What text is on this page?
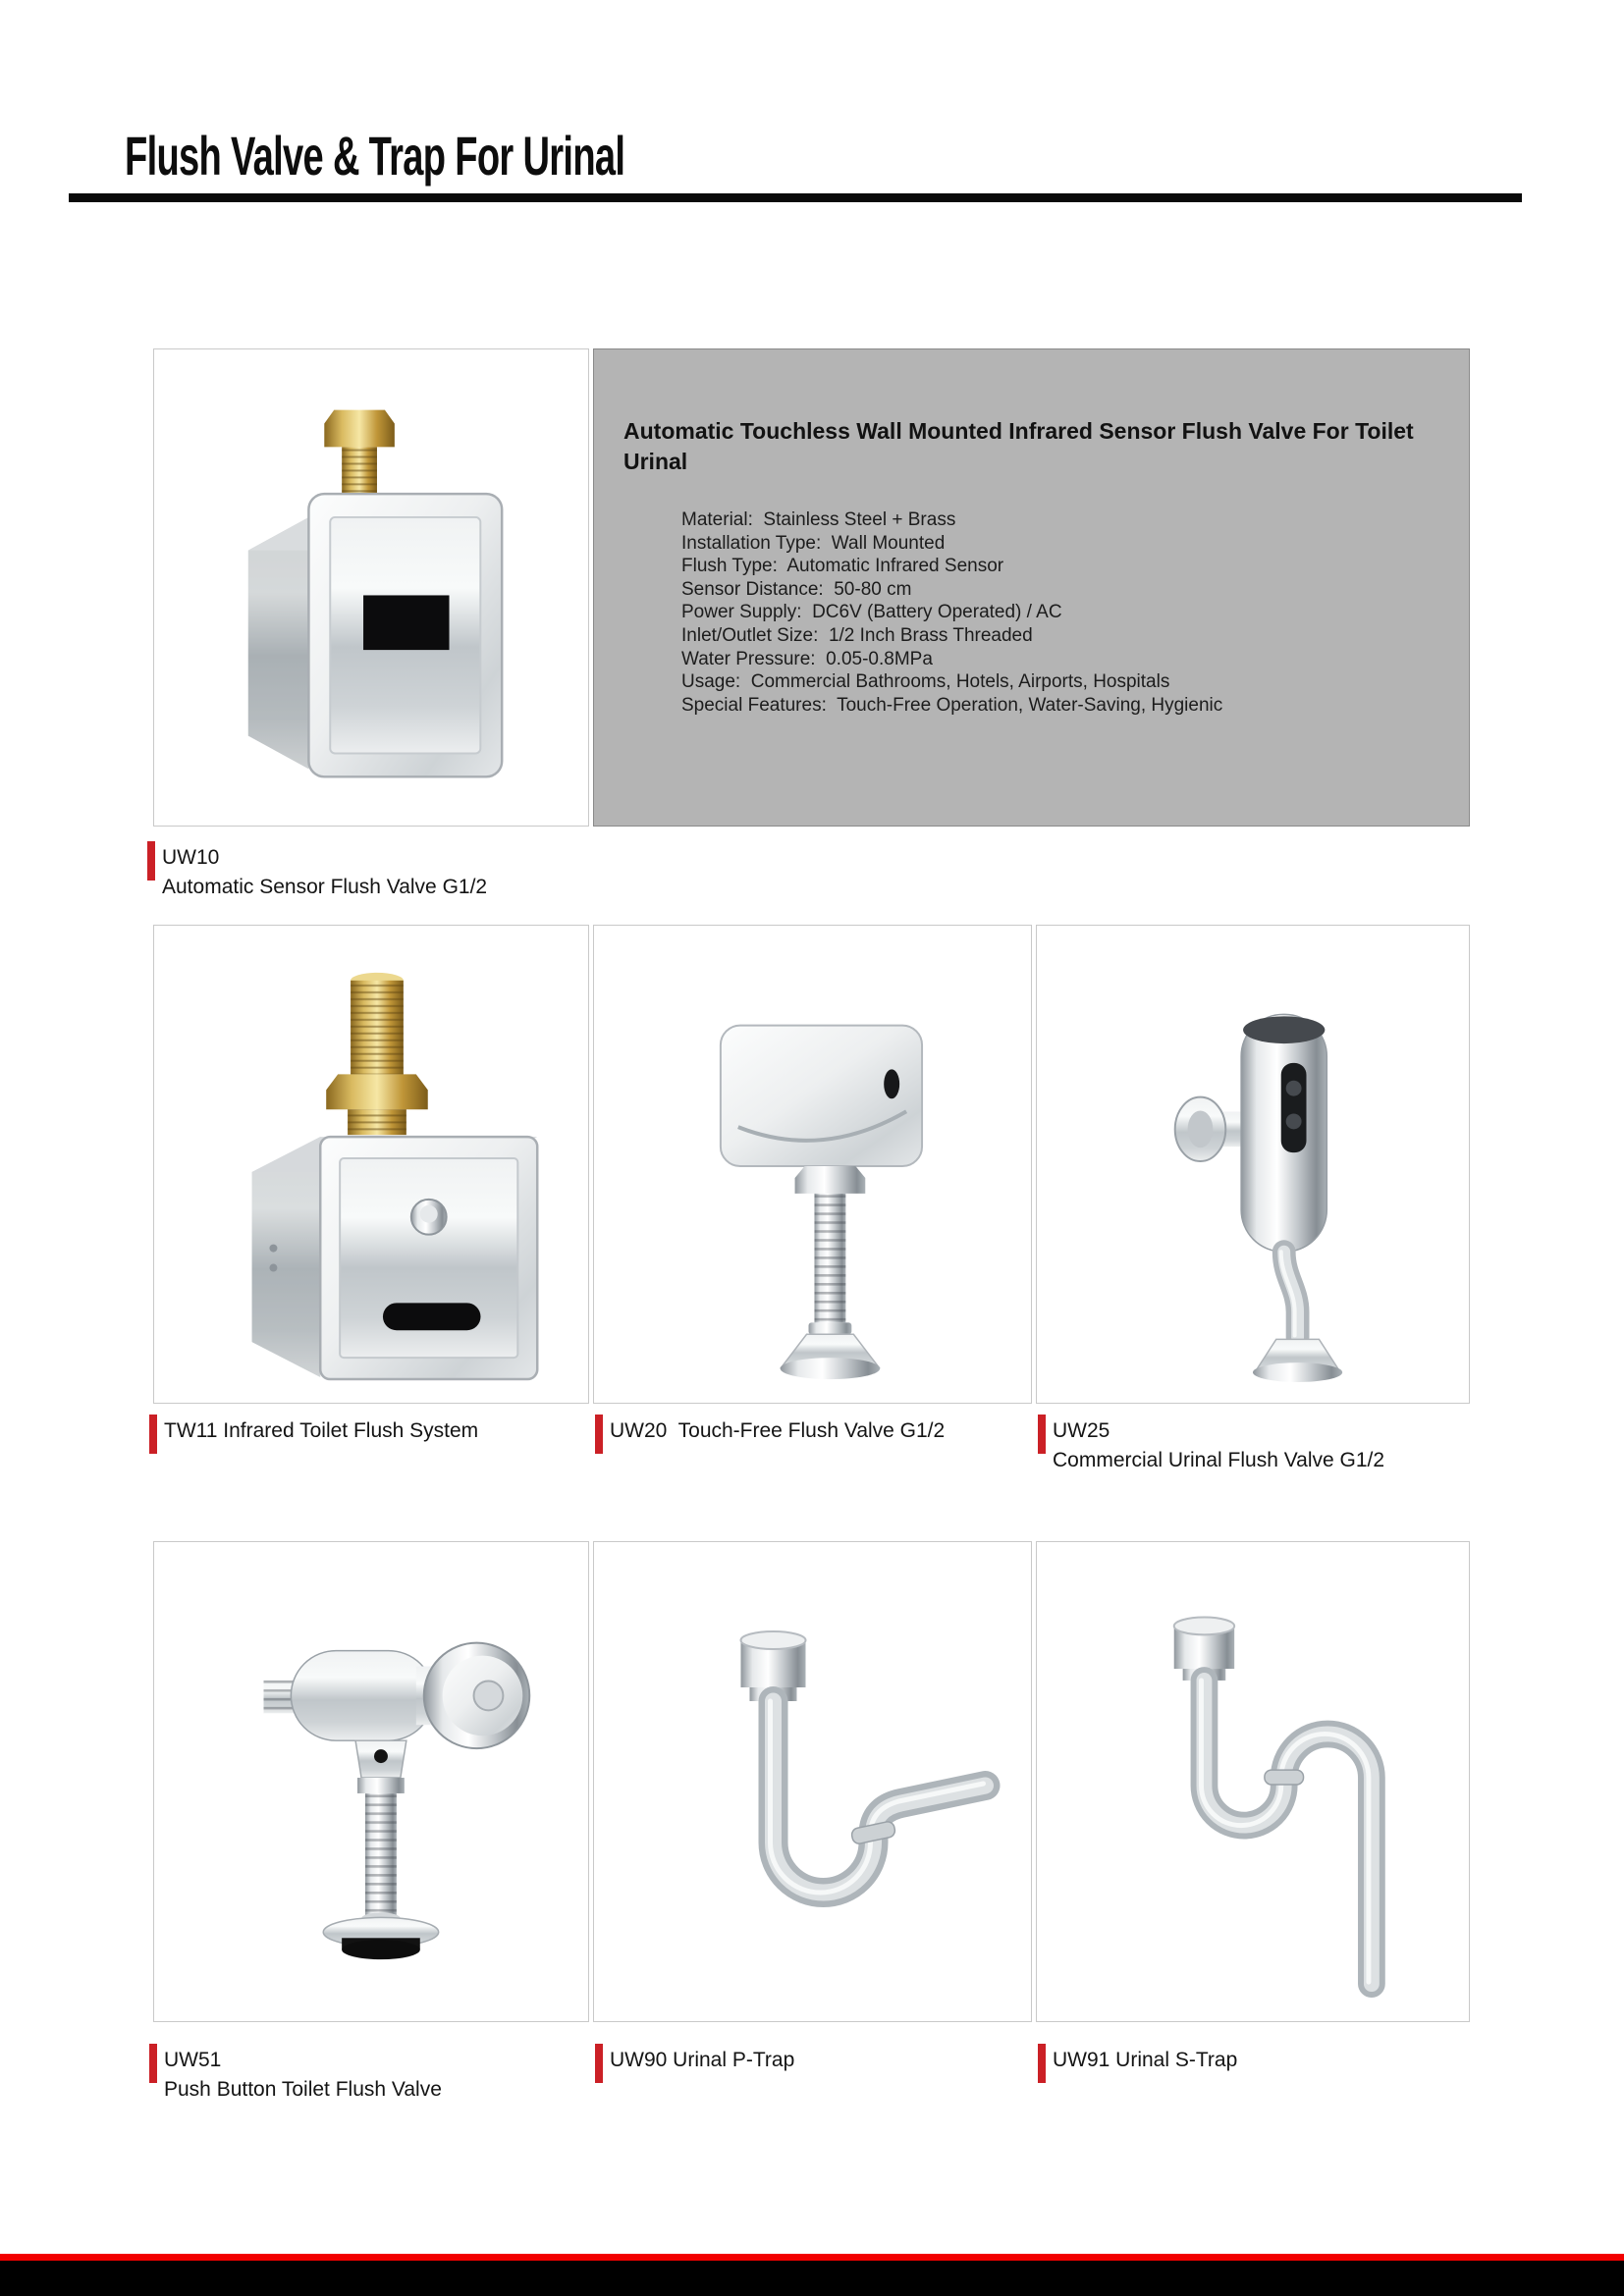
Flush Valve & Trap For Urinal
Automatic Touchless Wall Mounted Infrared Sensor Flush Valve For Toilet Urinal
Material:  Stainless Steel + Brass
Installation Type:  Wall Mounted
Flush Type:  Automatic Infrared Sensor
Sensor Distance:  50-80 cm
Power Supply:  DC6V (Battery Operated) / AC
Inlet/Outlet Size:  1/2 Inch Brass Threaded
Water Pressure:  0.05-0.8MPa
Usage:  Commercial Bathrooms, Hotels, Airports, Hospitals
Special Features:  Touch-Free Operation, Water-Saving, Hygienic
UW10
Automatic Sensor Flush Valve G1/2
TW11 Infrared Toilet Flush System	UW20  Touch-Free Flush Valve G1/2	UW25
Commercial Urinal Flush Valve G1/2
UW51
Push Button Toilet Flush Valve
UW90 Urinal P-Trap	UW91 Urinal S-Trap
